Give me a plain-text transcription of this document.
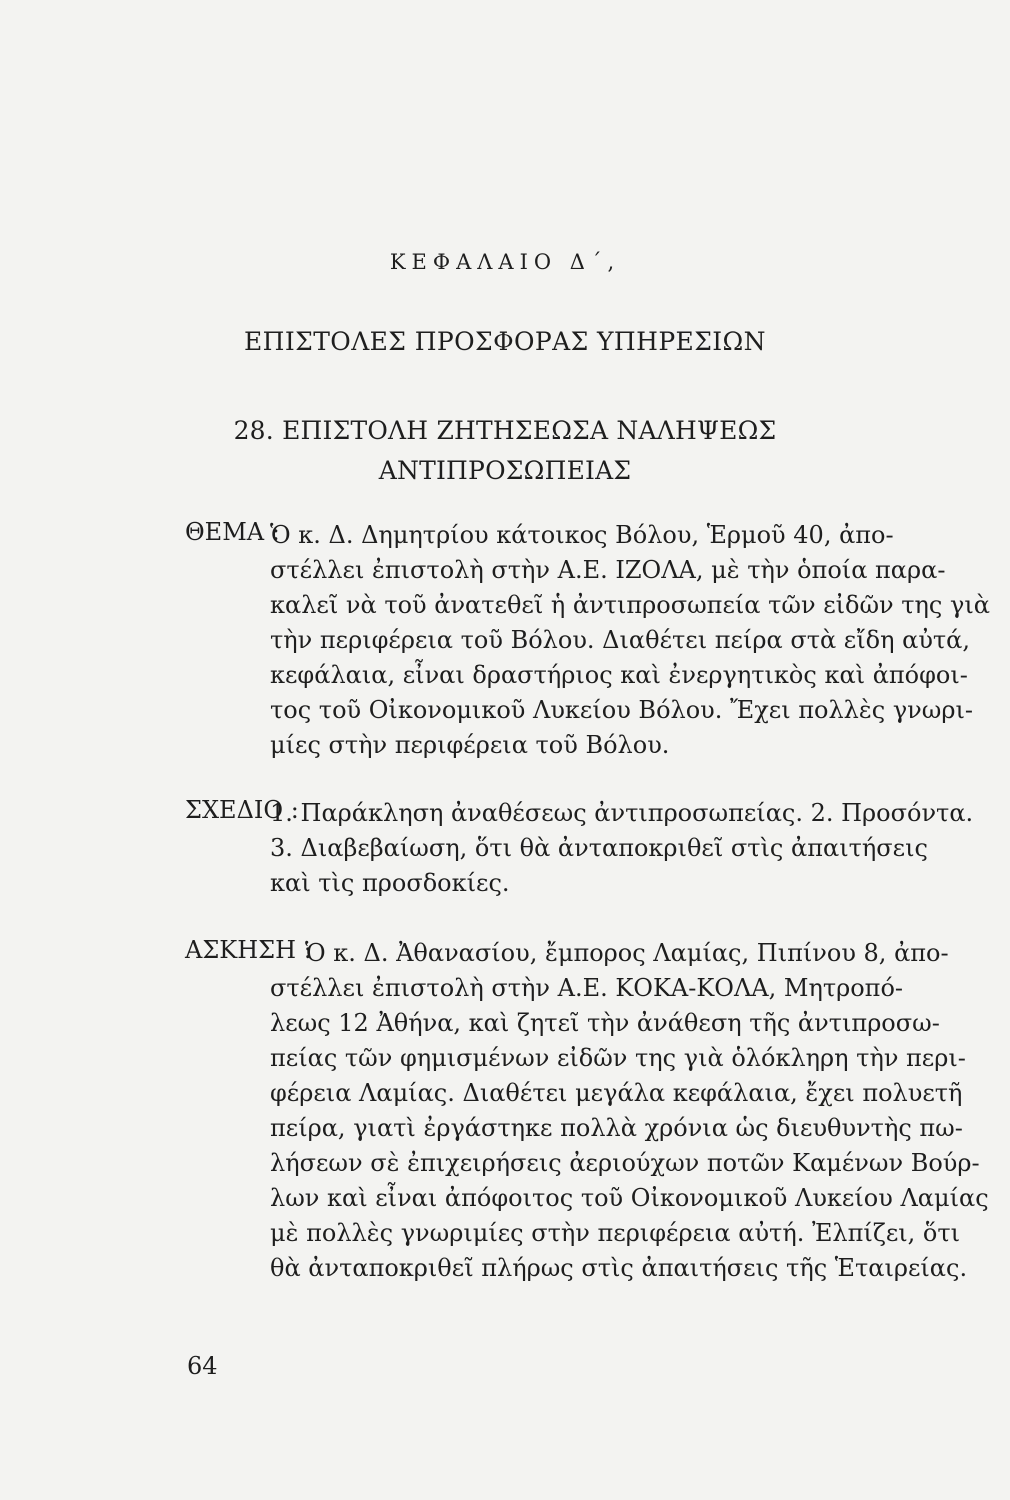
ΚΕΦΑΛΑΙΟ Δ΄,
ΕΠΙΣΤΟΛΕΣ ΠΡΟΣΦΟΡΑΣ ΥΠΗΡΕΣΙΩΝ
28. ΕΠΙΣΤΟΛΗ ΖΗΤΗΣΕΩΣΑ ΝΑΛΗΨΕΩΣ
ΑΝΤΙΠΡΟΣΩΠΕΙΑΣ
ΘΕΜΑ :
Ὁ κ. Δ. Δημητρίου κάτοικος Βόλου, Ἑρμοῦ 40, ἀπο-
στέλλει ἐπιστολὴ στὴν Α.Ε. ΙΖΟΛΑ, μὲ τὴν ὁποία παρα-
καλεῖ νὰ τοῦ ἀνατεθεῖ ἡ ἀντιπροσωπεία τῶν εἰδῶν της γιὰ
τὴν περιφέρεια τοῦ Βόλου. Διαθέτει πείρα στὰ εἴδη αὐτά,
κεφάλαια, εἶναι δραστήριος καὶ ἐνεργητικὸς καὶ ἀπόφοι-
τος τοῦ Οἰκονομικοῦ Λυκείου Βόλου. Ἔχει πολλὲς γνωρι-
μίες στὴν περιφέρεια τοῦ Βόλου.
ΣΧΕΔΙΟ :
1. Παράκληση ἀναθέσεως ἀντιπροσωπείας. 2. Προσόντα.
3. Διαβεβαίωση, ὅτι θὰ ἀνταποκριθεῖ στὶς ἀπαιτήσεις
καὶ τὶς προσδοκίες.
ΑΣΚΗΣΗ :
Ὁ κ. Δ. Ἀθανασίου, ἔμπορος Λαμίας, Πιπίνου 8, ἀπο-
στέλλει ἐπιστολὴ στὴν Α.Ε. ΚΟΚΑ-ΚΟΛΑ, Μητροπό-
λεως 12 Ἀθήνα, καὶ ζητεῖ τὴν ἀνάθεση τῆς ἀντιπροσω-
πείας τῶν φημισμένων εἰδῶν της γιὰ ὁλόκληρη τὴν περι-
φέρεια Λαμίας. Διαθέτει μεγάλα κεφάλαια, ἔχει πολυετῆ
πείρα, γιατὶ ἐργάστηκε πολλὰ χρόνια ὡς διευθυντὴς πω-
λήσεων σὲ ἐπιχειρήσεις ἀεριούχων ποτῶν Καμένων Βούρ-
λων καὶ εἶναι ἀπόφοιτος τοῦ Οἰκονομικοῦ Λυκείου Λαμίας
μὲ πολλὲς γνωριμίες στὴν περιφέρεια αὐτή. Ἐλπίζει, ὅτι
θὰ ἀνταποκριθεῖ πλήρως στὶς ἀπαιτήσεις τῆς Ἑταιρείας.
64
